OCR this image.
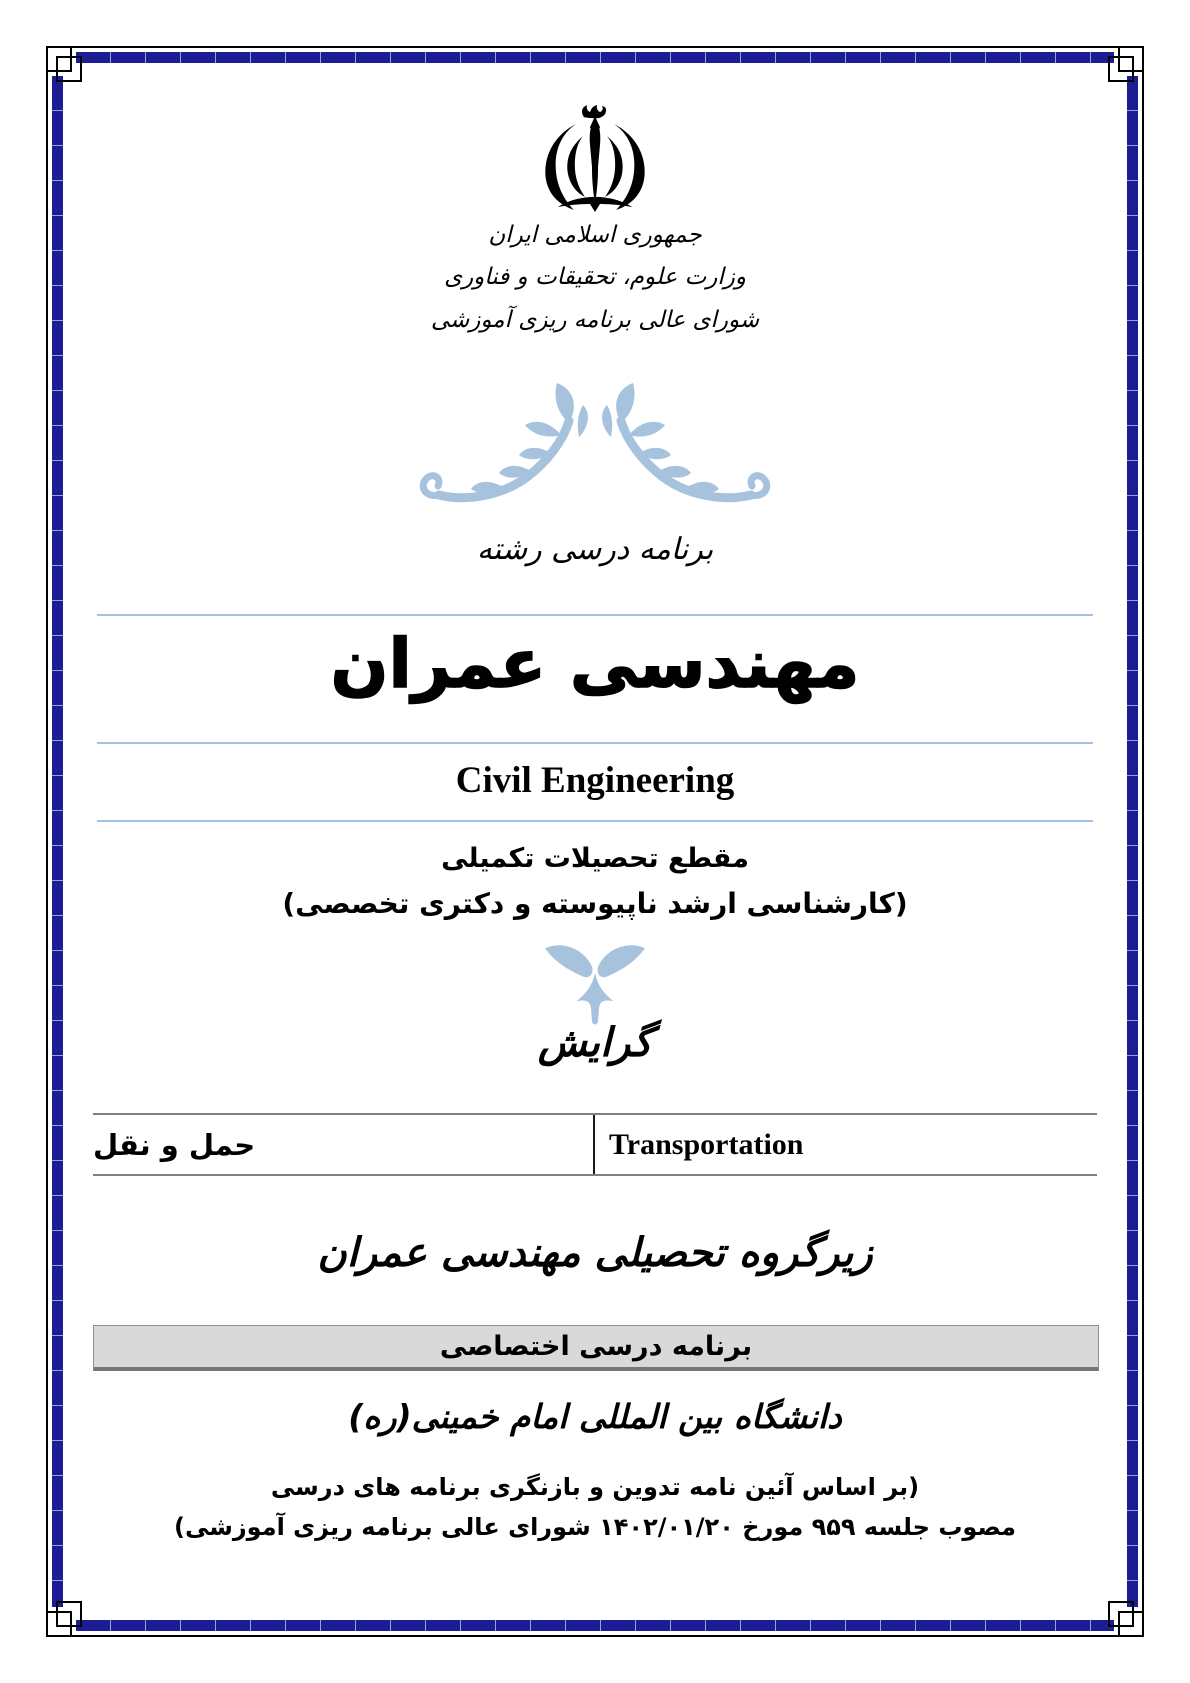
جمهوری اسلامی ایران
وزارت علوم، تحقیقات و فناوری
شورای عالی برنامه ریزی آموزشی
برنامه درسی رشته
مهندسی عمران
Civil Engineering
مقطع تحصیلات تکمیلی
(کارشناسی ارشد ناپیوسته و دکتری تخصصی)
گرایش
حمل و نقل	Transportation
زیرگروه تحصیلی مهندسی عمران
برنامه درسی اختصاصی
دانشگاه بین المللی امام خمینی(ره)
(بر اساس آئین نامه تدوین و بازنگری برنامه های درسی
مصوب جلسه ۹۵۹ مورخ ۱۴۰۲/۰۱/۲۰ شورای عالی برنامه ریزی آموزشی)
